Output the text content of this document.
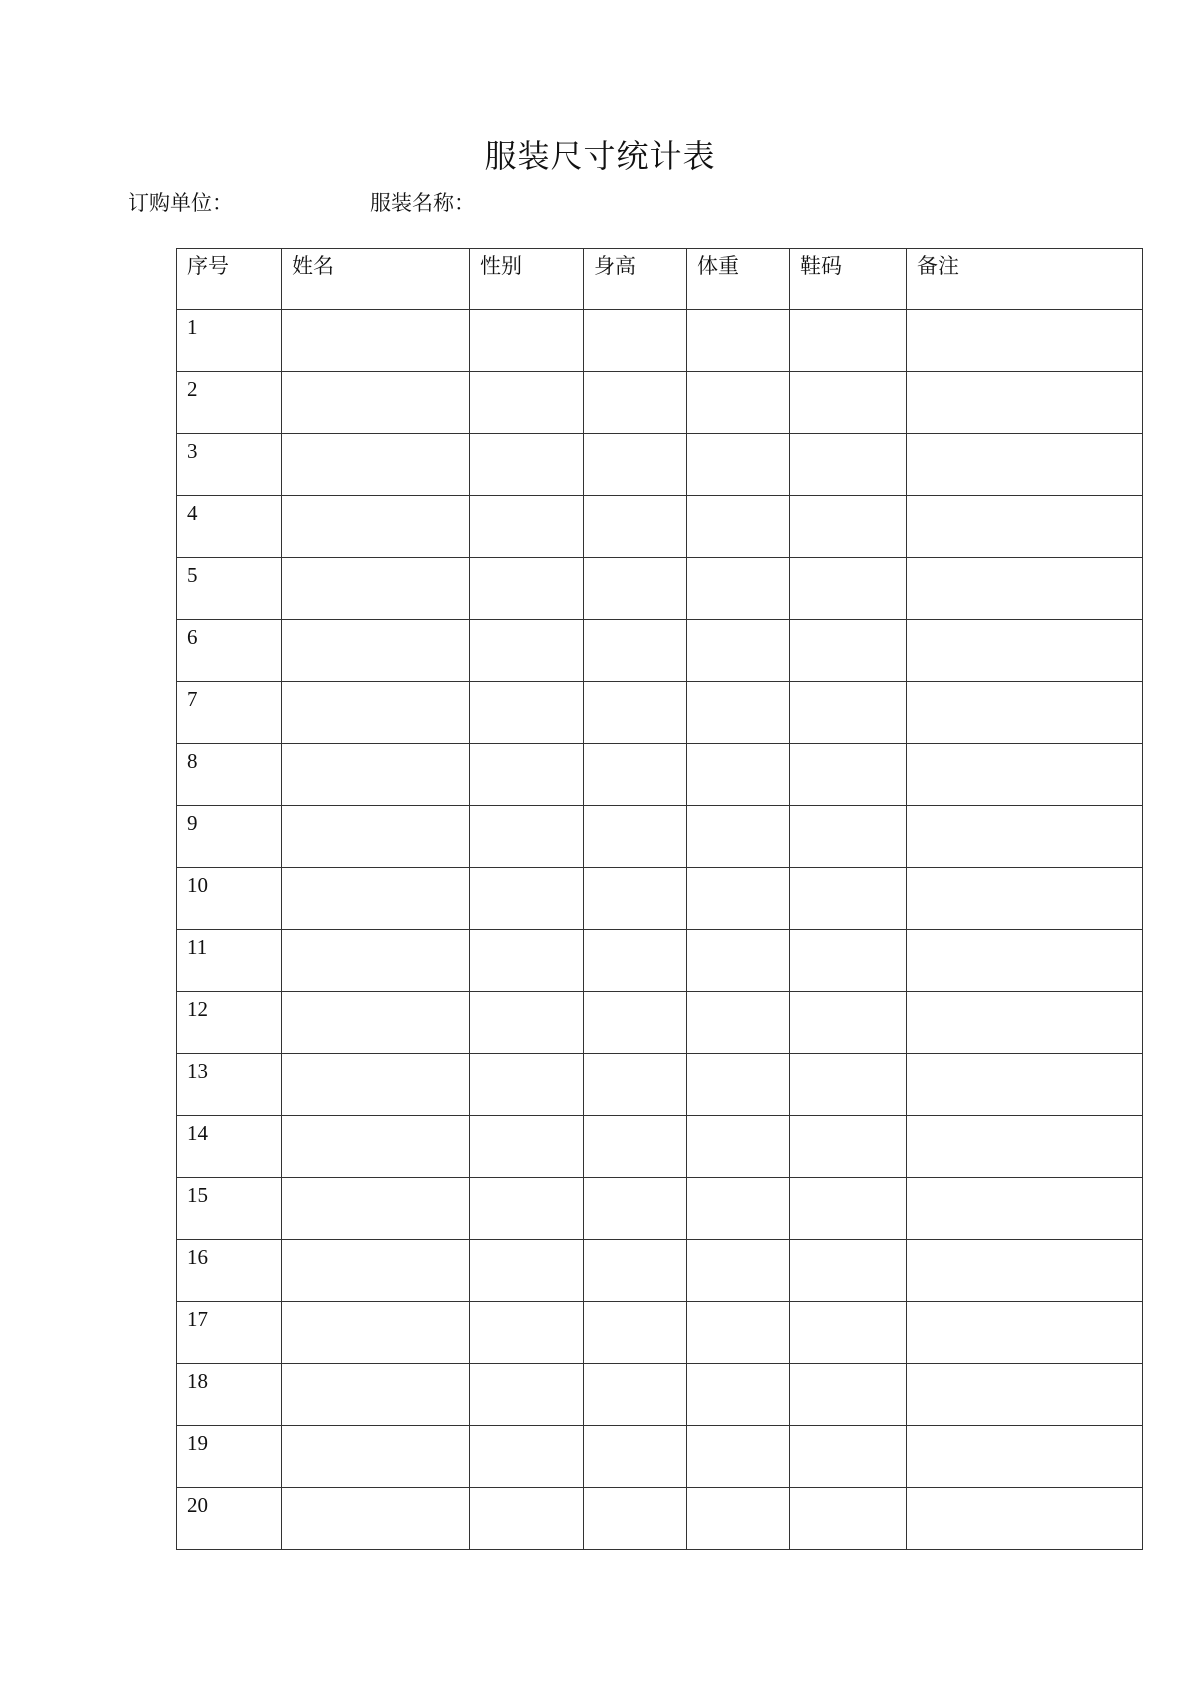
服装尺寸统计表
订购单位：	服装名称：
序号	姓名	性别	身高	体重	鞋码	备注
1						
2						
3						
4						
5						
6						
7						
8						
9						
10						
11						
12						
13						
14						
15						
16						
17						
18						
19						
20						
